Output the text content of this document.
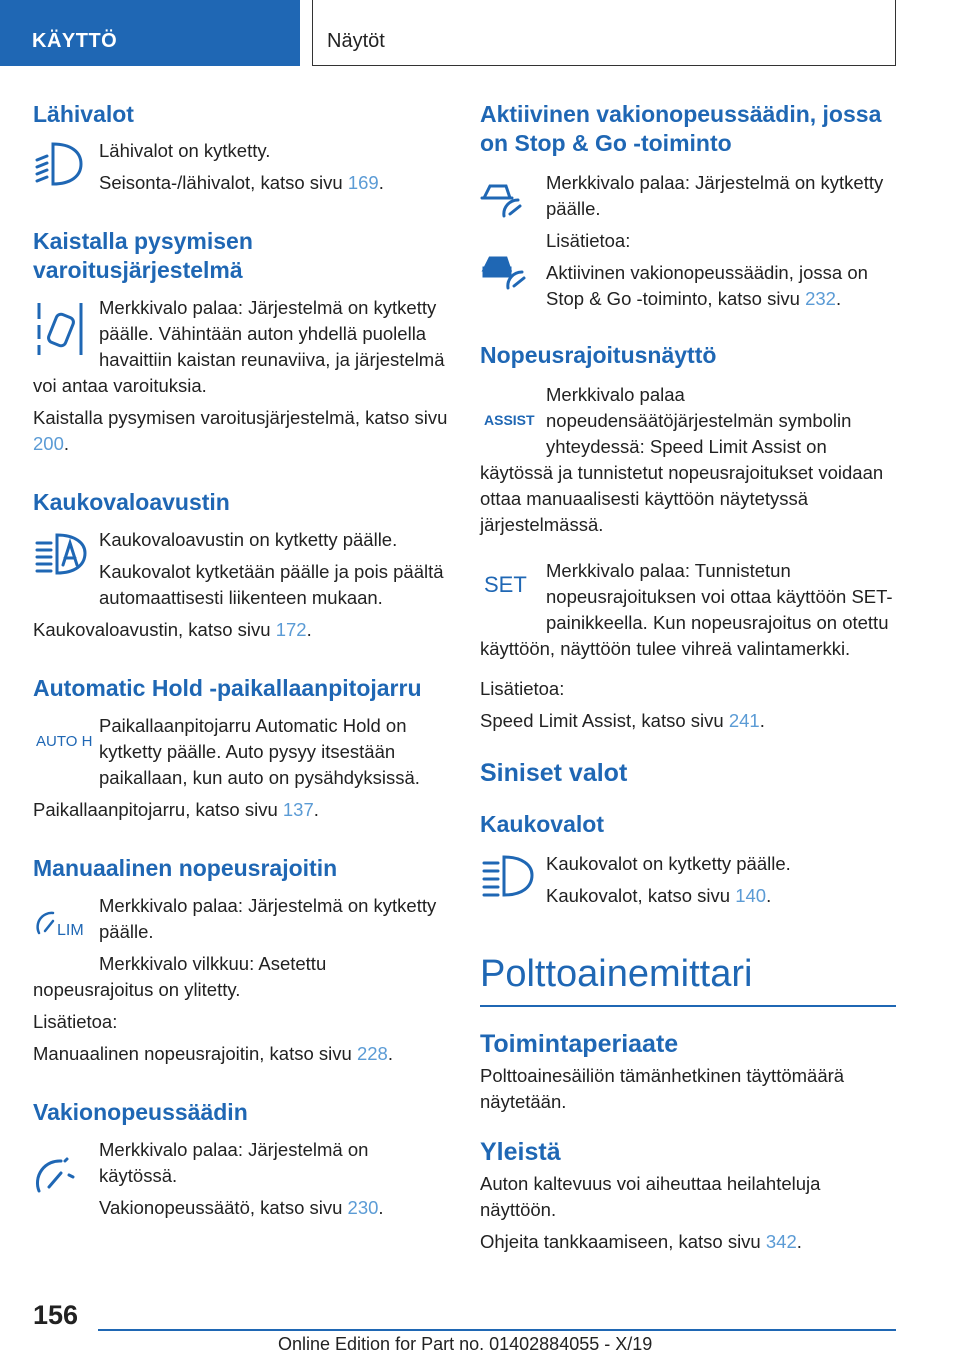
KÄYTTÖ	Näytöt
Lähivalot

Lähivalot on kytketty.

Seisonta-/lähivalot, katso sivu 169.

Kaistalla pysymisen
varoitusjärjestelmä

Merkkivalo palaa: Järjestelmä on kytketty päälle. Vähintään auton yhdellä puolella havaittiin kaistan reunaviiva, ja järjestelmä voi antaa varoituksia.

Kaistalla pysymisen varoitusjärjestelmä, katso sivu 200.

Kaukovaloavustin

Kaukovaloavustin on kytketty päälle.

Kaukovalot kytketään päälle ja pois päältä automaattisesti liikenteen mukaan.

Kaukovaloavustin, katso sivu 172.

Automatic Hold -paikallaanpitojarru
AUTO H

Paikallaanpitojarru Automatic Hold on kytketty päälle. Auto pysyy itsestään paikallaan, kun auto on pysähdyksissä.

Paikallaanpitojarru, katso sivu 137.

Manuaalinen nopeusrajoitin
LIM

Merkkivalo palaa: Järjestelmä on kytketty päälle.

Merkkivalo vilkkuu: Asetettu nopeusrajoitus on ylitetty.

Lisätietoa:

Manuaalinen nopeusrajoitin, katso sivu 228.

Vakionopeussäädin

Merkkivalo palaa: Järjestelmä on käytössä.

Vakionopeussäätö, katso sivu 230.

Aktiivinen vakionopeussäädin, jossa on Stop & Go -toiminto

Merkkivalo palaa: Järjestelmä on kytketty päälle.

Lisätietoa:

Aktiivinen vakionopeussäädin, jossa on Stop & Go -toiminto, katso sivu 232.

Nopeusrajoitusnäyttö
ASSIST

Merkkivalo palaa nopeudensäätöjärjestelmän symbolin yhteydessä: Speed Limit Assist on käytössä ja tunnistetut nopeusrajoitukset voidaan ottaa manuaalisesti käyttöön näytetyssä järjestelmässä.

SET

Merkkivalo palaa: Tunnistetun nopeusrajoituksen voi ottaa käyttöön SET-painikkeella. Kun nopeusrajoitus on otettu käyttöön, näyttöön tulee vihreä valintamerkki.

Lisätietoa:

Speed Limit Assist, katso sivu 241.

Siniset valot
Kaukovalot

Kaukovalot on kytketty päälle.

Kaukovalot, katso sivu 140.

Polttoainemittari
Toimintaperiaate

Polttoainesäiliön tämänhetkinen täyttömäärä näytetään.

Yleistä

Auton kaltevuus voi aiheuttaa heilahteluja näyttöön.

Ohjeita tankkaamiseen, katso sivu 342.

156
Online Edition for Part no. 01402884055 - X/19
